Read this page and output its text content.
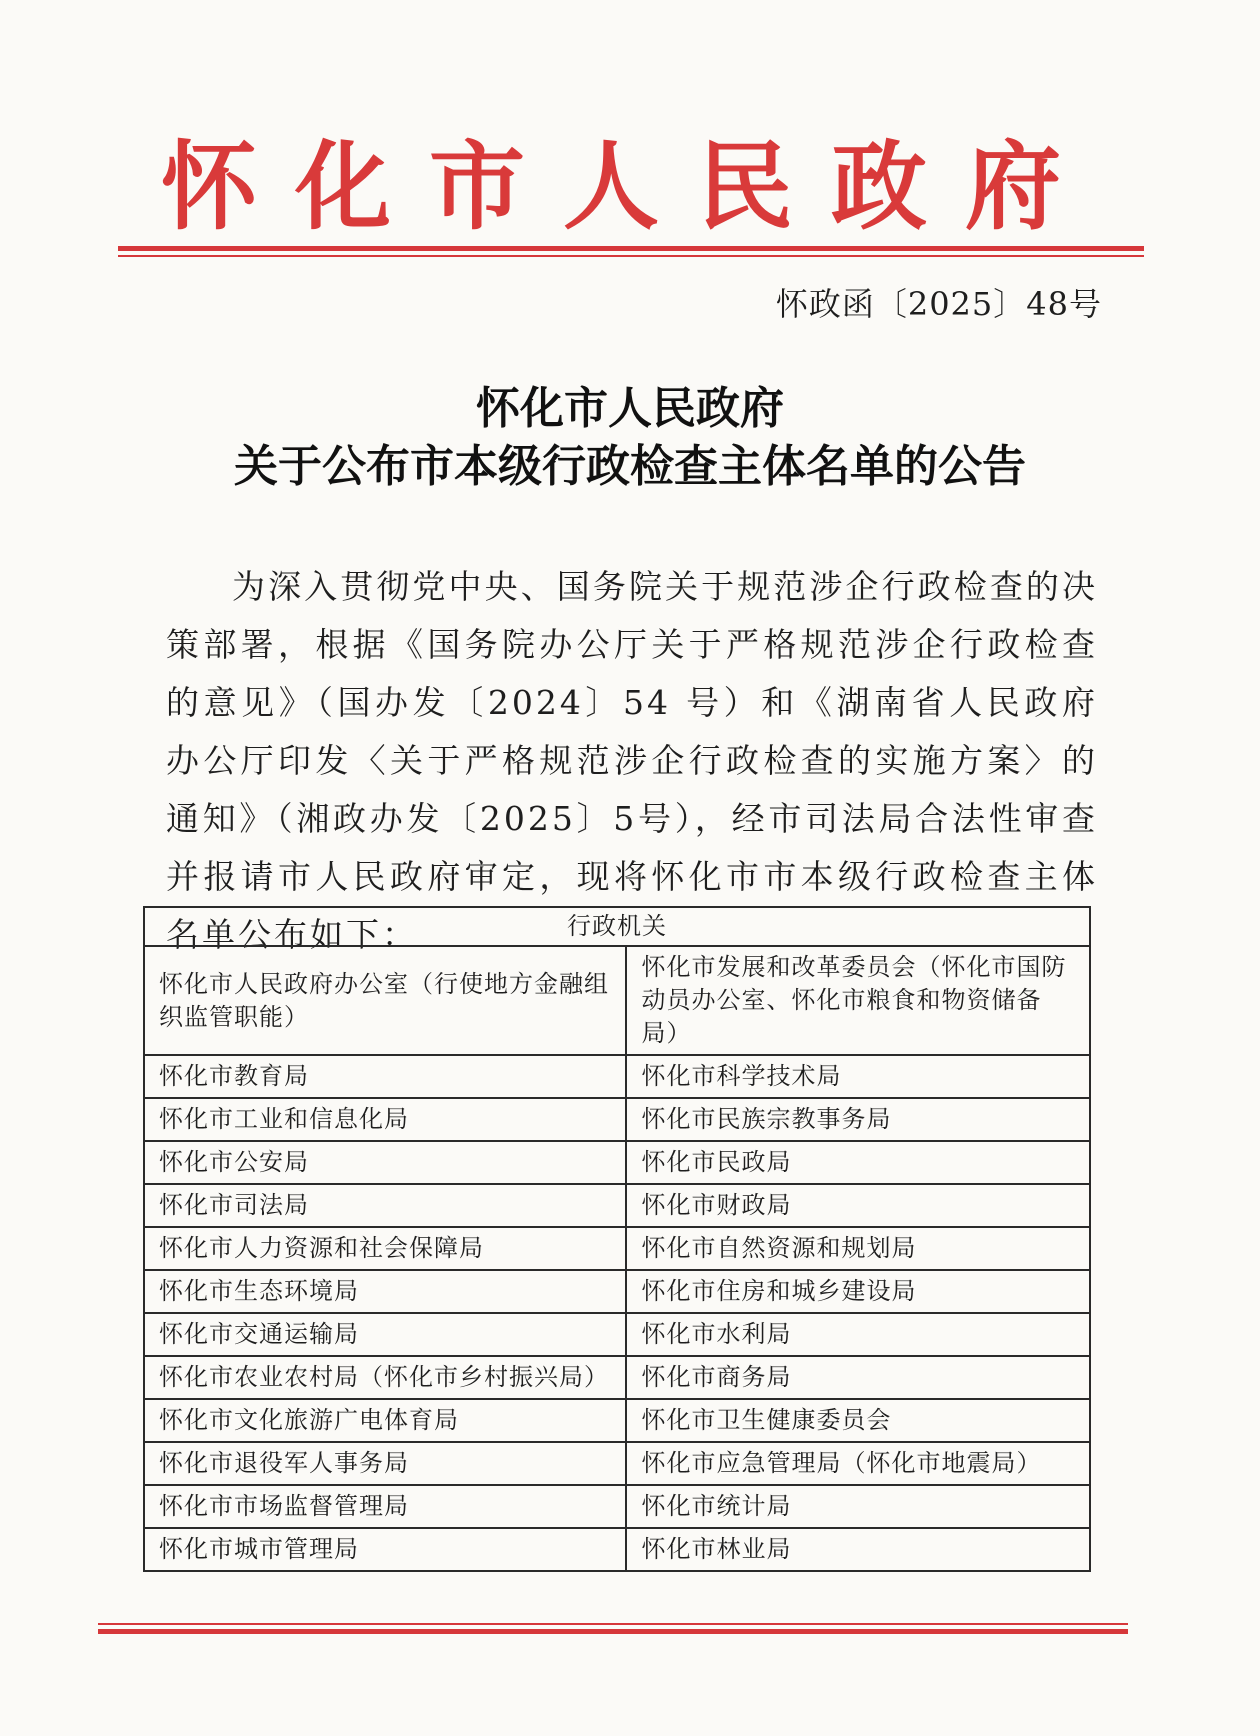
怀化市人民政府
怀政函〔2025〕48号
怀化市人民政府
关于公布市本级行政检查主体名单的公告
为深入贯彻党中央、国务院关于规范涉企行政检查的决策部署，根据《国务院办公厅关于严格规范涉企行政检查的意见》（国办发〔2024〕54 号）和《湖南省人民政府办公厅印发〈关于严格规范涉企行政检查的实施方案〉的通知》（湘政办发〔2025〕5号），经市司法局合法性审查并报请市人民政府审定，现将怀化市市本级行政检查主体名单公布如下：	行政机关	
怀化市人民政府办公室（行使地方金融组织监管职能）	怀化市发展和改革委员会（怀化市国防动员办公室、怀化市粮食和物资储备局）
怀化市教育局	怀化市科学技术局
怀化市工业和信息化局	怀化市民族宗教事务局
怀化市公安局	怀化市民政局
怀化市司法局	怀化市财政局
怀化市人力资源和社会保障局	怀化市自然资源和规划局
怀化市生态环境局	怀化市住房和城乡建设局
怀化市交通运输局	怀化市水利局
怀化市农业农村局（怀化市乡村振兴局）	怀化市商务局
怀化市文化旅游广电体育局	怀化市卫生健康委员会
怀化市退役军人事务局	怀化市应急管理局（怀化市地震局）
怀化市市场监督管理局	怀化市统计局
怀化市城市管理局	怀化市林业局
